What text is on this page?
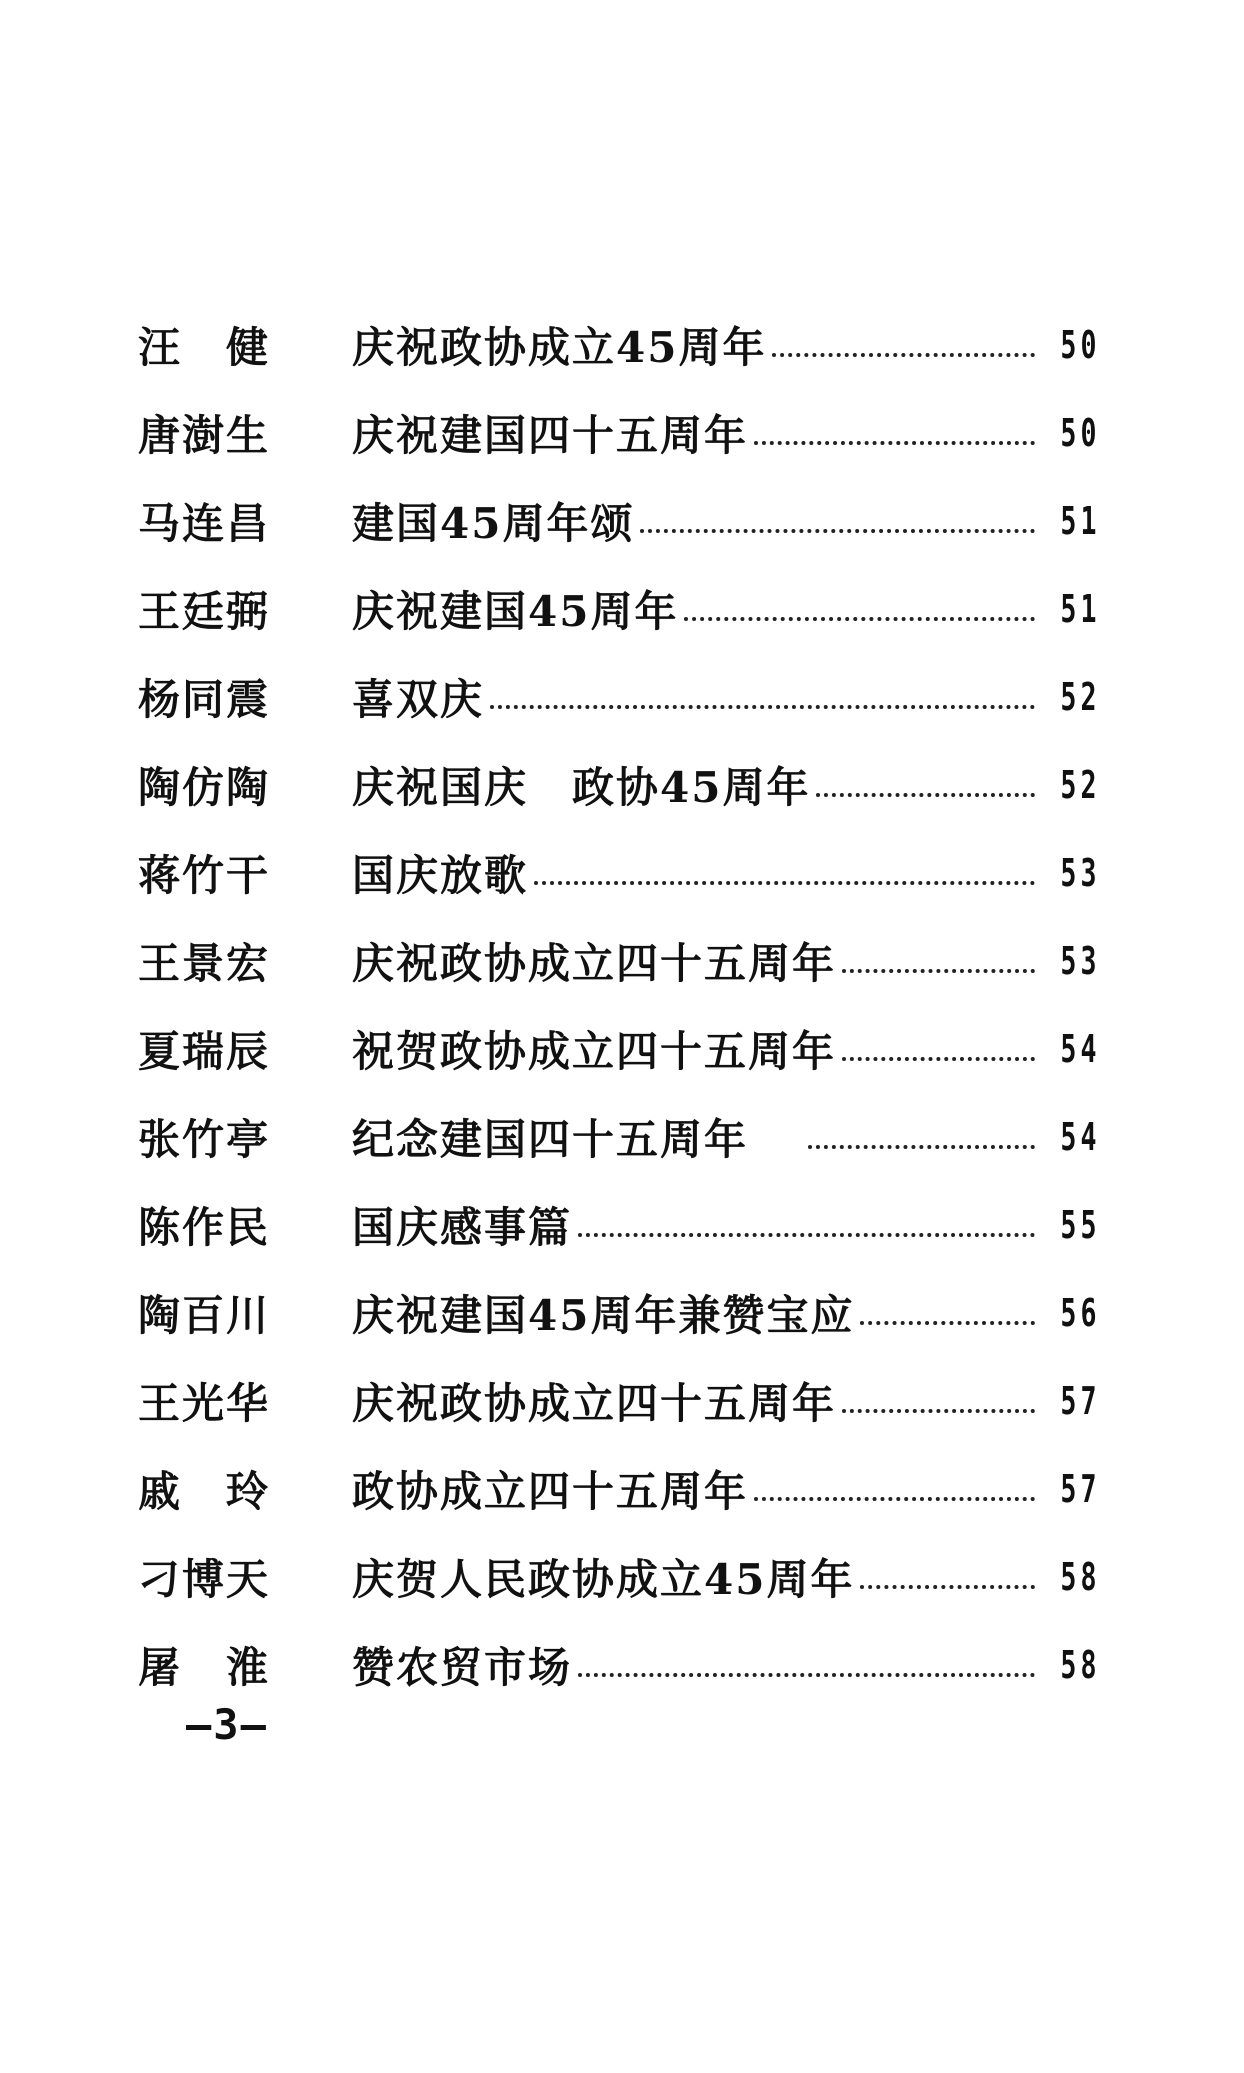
汪　健	庆祝政协成立45周年	50
唐澍生	庆祝建国四十五周年	50
马连昌	建国45周年颂	51
王廷弼	庆祝建国45周年	51
杨同震	喜双庆	52
陶仿陶	庆祝国庆　政协45周年	52
蒋竹干	国庆放歌	53
王景宏	庆祝政协成立四十五周年	53
夏瑞辰	祝贺政协成立四十五周年	54
张竹亭	纪念建国四十五周年	54
陈作民	国庆感事篇	55
陶百川	庆祝建国45周年兼赞宝应	56
王光华	庆祝政协成立四十五周年	57
戚　玲	政协成立四十五周年	57
刁博天	庆贺人民政协成立45周年	58
屠　淮	赞农贸市场	58
—3—
